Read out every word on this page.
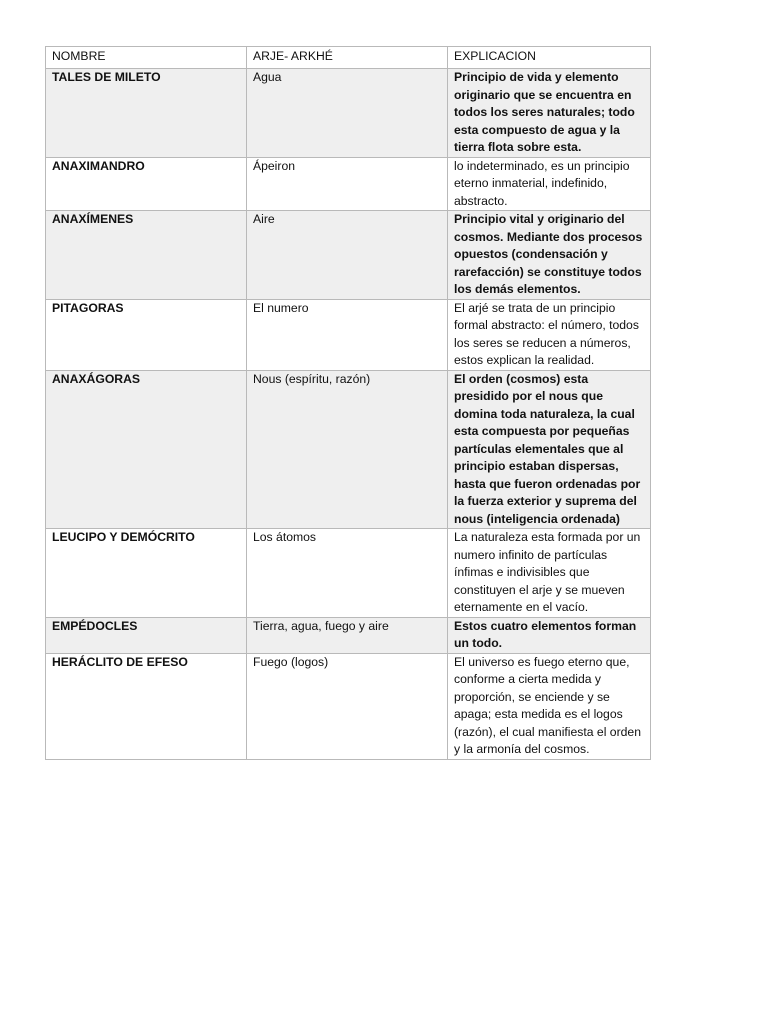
NOMBRE	ARJE- ARKHÉ	EXPLICACION
TALES DE MILETO	Agua	Principio de vida y elemento originario que se encuentra en todos los seres naturales; todo esta compuesto de agua y la tierra flota sobre esta.
ANAXIMANDRO	Ápeiron	lo indeterminado, es un principio eterno inmaterial, indefinido, abstracto.
ANAXÍMENES	Aire	Principio vital y originario del cosmos. Mediante dos procesos opuestos (condensación y rarefacción) se constituye todos los demás elementos.
PITAGORAS	El numero	El arjé se trata de un principio formal abstracto: el número, todos los seres se reducen a números, estos explican la realidad.
ANAXÁGORAS	Nous (espíritu, razón)	El orden (cosmos) esta presidido por el nous que domina toda naturaleza, la cual esta compuesta por pequeñas partículas elementales que al principio estaban dispersas, hasta que fueron ordenadas por la fuerza exterior y suprema del nous (inteligencia ordenada)
LEUCIPO Y DEMÓCRITO	Los átomos	La naturaleza esta formada por un numero infinito de partículas ínfimas e indivisibles que constituyen el arje y se mueven eternamente en el vacío.
EMPÉDOCLES	Tierra, agua, fuego y aire	Estos cuatro elementos forman un todo.
HERÁCLITO DE EFESO	Fuego (logos)	El universo es fuego eterno que, conforme a cierta medida y proporción, se enciende y se apaga; esta medida es el logos (razón), el cual manifiesta el orden y la armonía del cosmos.
